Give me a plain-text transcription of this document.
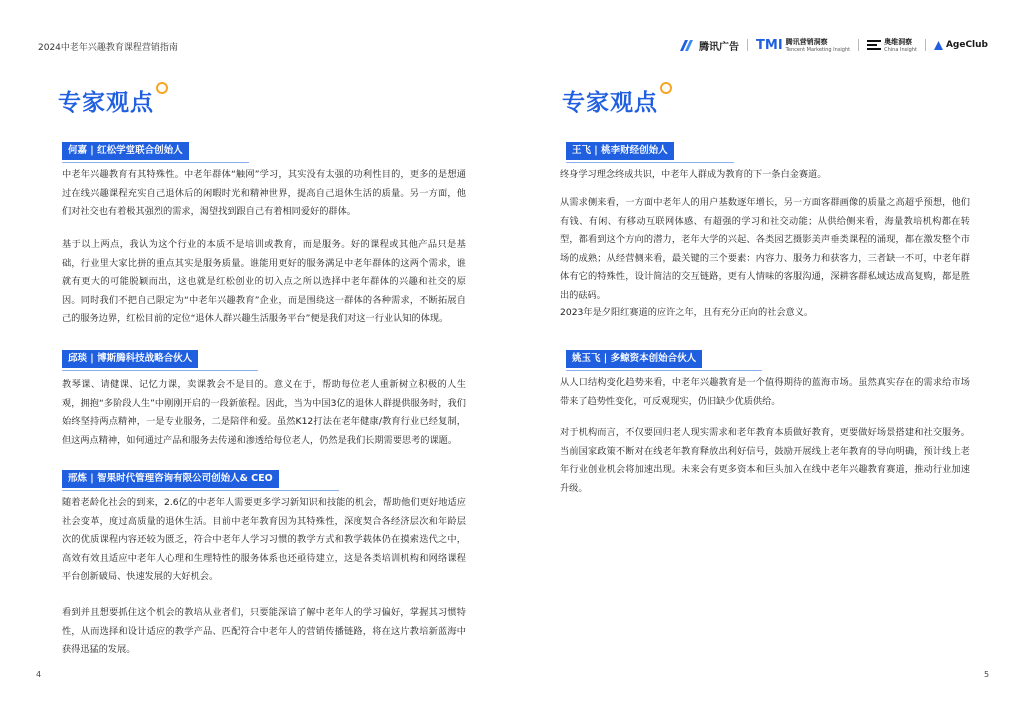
2024中老年兴趣教育课程营销指南	腾讯广告 TMI 腾讯营销洞察
Tencent Marketing Insight
奥维洞察
China Insight	AgeClub
专家观点
何嘉 | 红松学堂联合创始人
中老年兴趣教育有其特殊性。中老年群体“触网”学习，其实没有太强的功利性目的，更多的是想通过在线兴趣课程充实自己退休后的闲暇时光和精神世界，提高自己退休生活的质量。另一方面，他们对社交也有着极其强烈的需求，渴望找到跟自己有着相同爱好的群体。
基于以上两点，我认为这个行业的本质不是培训或教育，而是服务。好的课程或其他产品只是基础，行业里大家比拼的重点其实是服务质量。谁能用更好的服务满足中老年群体的这两个需求，谁就有更大的可能脱颖而出，这也就是红松创业的切入点之所以选择中老年群体的兴趣和社交的原因。同时我们不把自己限定为“中老年兴趣教育”企业，而是围绕这一群体的各种需求，不断拓展自己的服务边界，红松目前的定位“退休人群兴趣生活服务平台”便是我们对这一行业认知的体现。
邱琰 | 博斯腾科技战略合伙人
教琴课、请健课、记忆力课，卖课教会不是目的。意义在于，帮助每位老人重新树立积极的人生观，拥抱“多阶段人生”中刚刚开启的一段新旅程。因此，当为中国3亿的退休人群提供服务时，我们始终坚持两点精神，一是专业服务，二是陪伴和爱。虽然K12打法在老年健康/教育行业已经复制，但这两点精神，如何通过产品和服务去传递和渗透给每位老人，仍然是我们长期需要思考的课题。
邢炼 | 智果时代管理咨询有限公司创始人& CEO
随着老龄化社会的到来，2.6亿的中老年人需要更多学习新知识和技能的机会，帮助他们更好地适应社会变革，度过高质量的退休生活。目前中老年教育因为其特殊性，深度契合各经济层次和年龄层次的优质课程内容还较为匮乏，符合中老年人学习习惯的教学方式和教学载体仍在摸索迭代之中，高效有效且适应中老年人心理和生理特性的服务体系也还亟待建立，这是各类培训机构和网络课程平台创新破局、快速发展的大好机会。
看到并且想要抓住这个机会的教培从业者们，只要能深谙了解中老年人的学习偏好，掌握其习惯特性，从而选择和设计适应的教学产品、匹配符合中老年人的营销传播链路，将在这片教培新蓝海中获得迅猛的发展。
4
专家观点
王飞 | 桃李财经创始人
终身学习理念终成共识，中老年人群成为教育的下一条白金赛道。
从需求侧来看，一方面中老年人的用户基数逐年增长，另一方面客群画像的质量之高超乎预想，他们有钱、有闲、有移动互联网体感、有超强的学习和社交动能；从供给侧来看，海量教培机构都在转型，都看到这个方向的潜力，老年大学的兴起、各类园艺摄影美声垂类课程的涌现，都在激发整个市场的成熟；从经营侧来看，最关键的三个要素：内容力、服务力和获客力，三者缺一不可，中老年群体有它的特殊性，设计简洁的交互链路，更有人情味的客服沟通，深耕客群私域达成高复购，都是胜出的砝码。
2023年是夕阳红赛道的应许之年，且有充分正向的社会意义。
姚玉飞 | 多鲸资本创始合伙人
从人口结构变化趋势来看，中老年兴趣教育是一个值得期待的蓝海市场。虽然真实存在的需求给市场带来了趋势性变化，可反观现实，仍旧缺少优质供给。
对于机构而言，不仅要回归老人现实需求和老年教育本质做好教育，更要做好场景搭建和社交服务。当前国家政策不断对在线老年教育释放出利好信号，鼓励开展线上老年教育的导向明确，预计线上老年行业创业机会将加速出现。未来会有更多资本和巨头加入在线中老年兴趣教育赛道，推动行业加速升级。
5
